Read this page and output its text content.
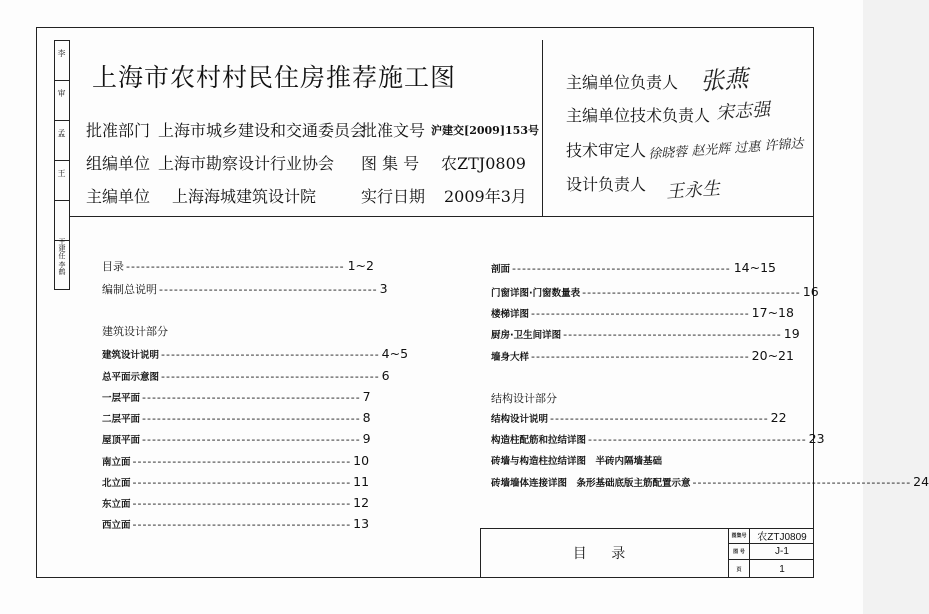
李
审
孟
王
王建任 李鹤
上海市农村村民住房推荐施工图
批准部门 上海市城乡建设和交通委员会
批准文号 沪建交[2009]153号
组编单位 上海市勘察设计行业协会 图 集 号 农ZTJ0809
主编单位 上海海城建筑设计院	实行日期 2009年3月
主编单位负责人 张燕
主编单位技术负责人 宋志强
技术审定人 徐晓蓉 赵光辉 过惠 许锦达
设计负责人 王永生
目录 -------------------------------------------- 1~2
编制总说明 -------------------------------------------- 3
建筑设计部分
建筑设计说明 -------------------------------------------- 4~5
总平面示意图 -------------------------------------------- 6
一层平面 -------------------------------------------- 7
二层平面 -------------------------------------------- 8
屋顶平面 -------------------------------------------- 9
南立面 -------------------------------------------- 10
北立面 -------------------------------------------- 11
东立面 -------------------------------------------- 12
西立面 -------------------------------------------- 13
剖面 -------------------------------------------- 14~15
门窗详图·门窗数量表 -------------------------------------------- 16
楼梯详图 -------------------------------------------- 17~18
厨房·卫生间详图 -------------------------------------------- 19
墙身大样 -------------------------------------------- 20~21
结构设计部分
结构设计说明 -------------------------------------------- 22
构造柱配筋和拉结详图 -------------------------------------------- 23
砖墙与构造柱拉结详图　半砖内隔墙基础
砖墙墙体连接详图　条形基础底版主筋配置示意 -------------------------------------------- 24
目 录
图集号	农ZTJ0809
图 号	J-1
页	1
